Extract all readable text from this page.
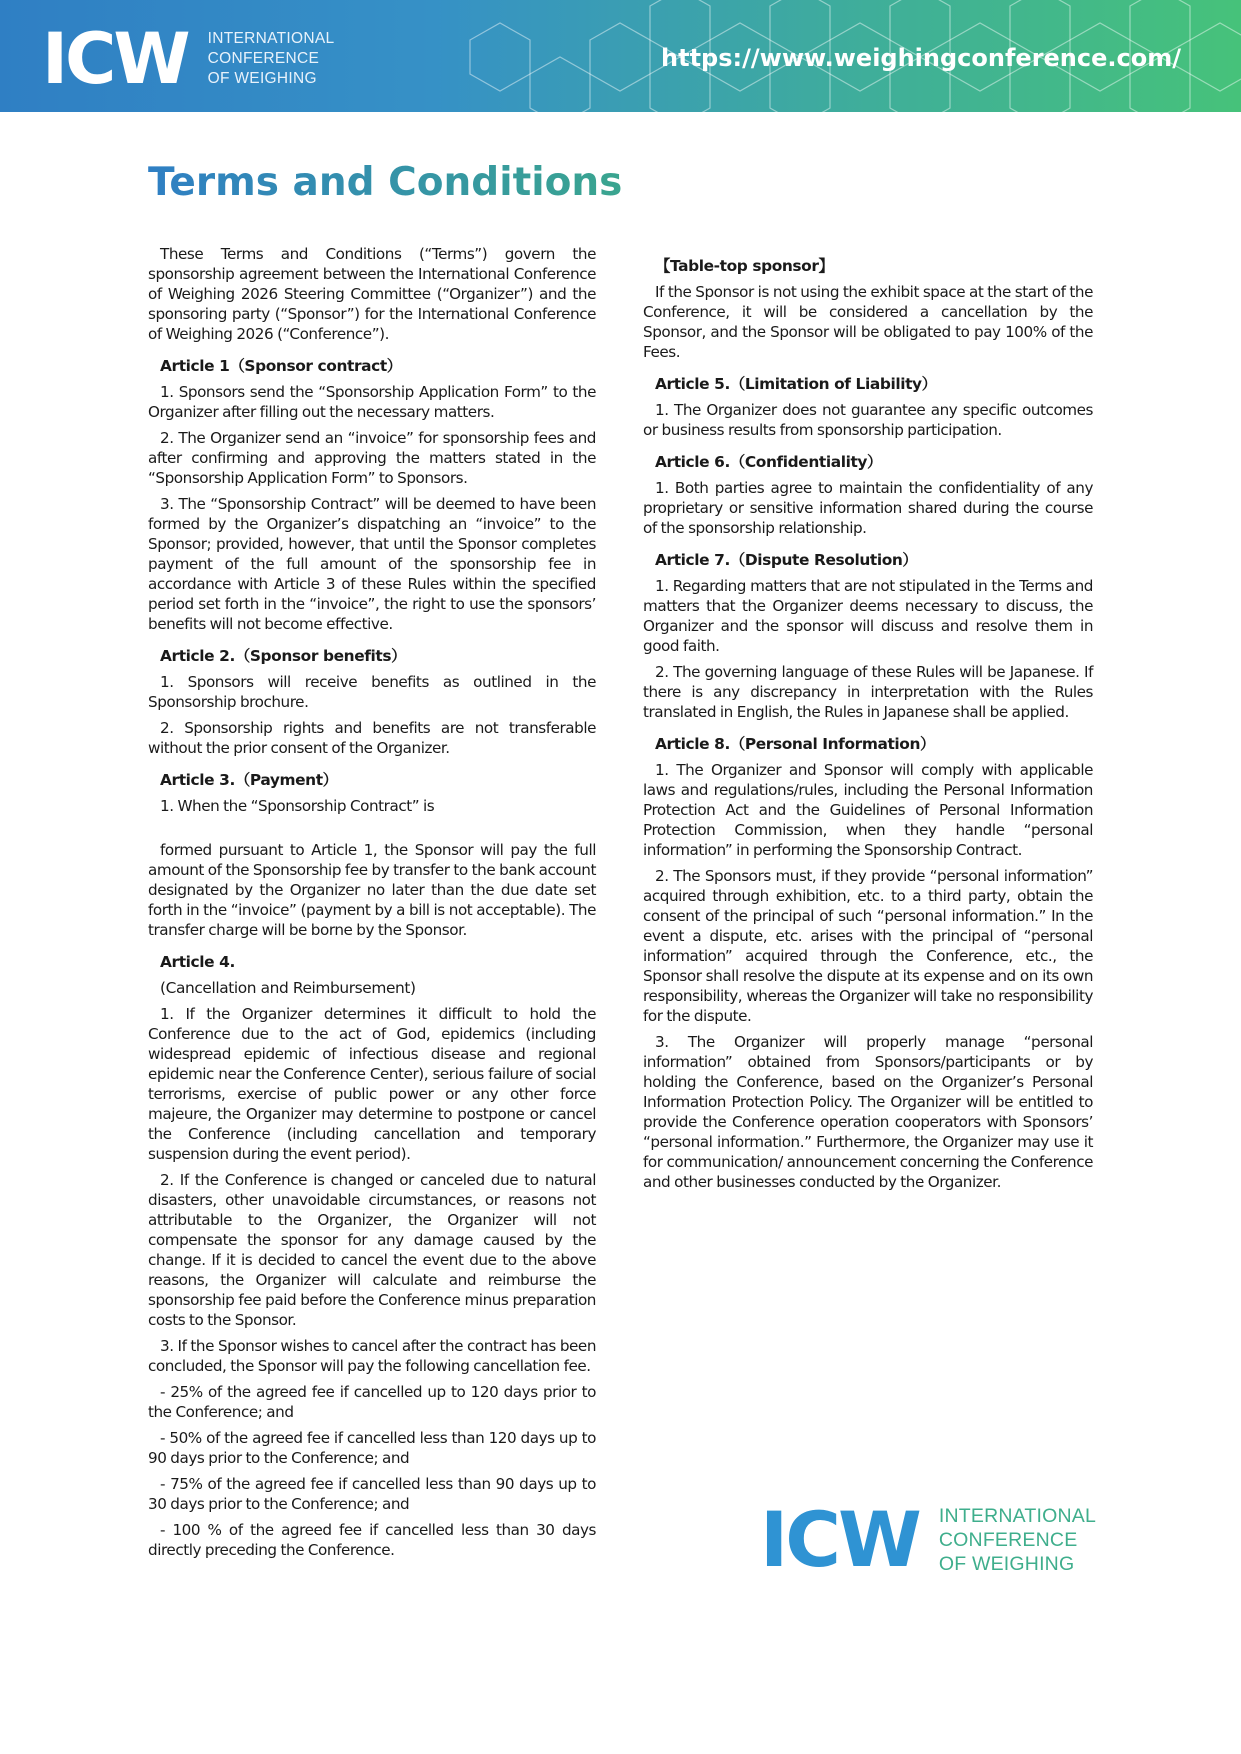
ICW INTERNATIONAL
CONFERENCE
OF WEIGHING
https://www.weighingconference.com/
Terms and Conditions

These Terms and Conditions (“Terms”) govern the sponsorship agreement between the International Conference of Weighing 2026 Steering Committee (“Organizer”) and the sponsoring party (“Sponsor”) for the International Conference of Weighing 2026 (“Conference”).

Article 1（Sponsor contract）

1. Sponsors send the “Sponsorship Application Form” to the Organizer after filling out the necessary matters.

2. The Organizer send an “invoice” for sponsorship fees and after confirming and approving the matters stated in the “Sponsorship Application Form” to Sponsors.

3. The “Sponsorship Contract” will be deemed to have been formed by the Organizer’s dispatching an “invoice” to the Sponsor; provided, however, that until the Sponsor completes payment of the full amount of the sponsorship fee in accordance with Article 3 of these Rules within the specified period set forth in the “invoice”, the right to use the sponsors’ benefits will not become effective.

Article 2.（Sponsor benefits）

1. Sponsors will receive benefits as outlined in the Sponsorship brochure.

2. Sponsorship rights and benefits are not transferable without the prior consent of the Organizer.

Article 3.（Payment）

1. When the “Sponsorship Contract” is

formed pursuant to Article 1, the Sponsor will pay the full amount of the Sponsorship fee by transfer to the bank account designated by the Organizer no later than the due date set forth in the “invoice” (payment by a bill is not acceptable). The transfer charge will be borne by the Sponsor.

Article 4.
(Cancellation and Reimbursement)

1. If the Organizer determines it difficult to hold the Conference due to the act of God, epidemics (including widespread epidemic of infectious disease and regional epidemic near the Conference Center), serious failure of social terrorisms, exercise of public power or any other force majeure, the Organizer may determine to postpone or cancel the Conference (including cancellation and temporary suspension during the event period).

2. If the Conference is changed or canceled due to natural disasters, other unavoidable circumstances, or reasons not attributable to the Organizer, the Organizer will not compensate the sponsor for any damage caused by the change. If it is decided to cancel the event due to the above reasons, the Organizer will calculate and reimburse the sponsorship fee paid before the Conference minus preparation costs to the Sponsor.

3. If the Sponsor wishes to cancel after the contract has been concluded, the Sponsor will pay the following cancellation fee.

- 25% of the agreed fee if cancelled up to 120 days prior to the Conference; and

- 50% of the agreed fee if cancelled less than 120 days up to 90 days prior to the Conference; and

- 75% of the agreed fee if cancelled less than 90 days up to 30 days prior to the Conference; and

- 100 % of the agreed fee if cancelled less than 30 days directly preceding the Conference.

【Table-top sponsor】

If the Sponsor is not using the exhibit space at the start of the Conference, it will be considered a cancellation by the Sponsor, and the Sponsor will be obligated to pay 100% of the Fees.

Article 5.（Limitation of Liability）

1. The Organizer does not guarantee any specific outcomes or business results from sponsorship participation.

Article 6.（Confidentiality）

1. Both parties agree to maintain the confidentiality of any proprietary or sensitive information shared during the course of the sponsorship relationship.

Article 7.（Dispute Resolution）

1. Regarding matters that are not stipulated in the Terms and matters that the Organizer deems necessary to discuss, the Organizer and the sponsor will discuss and resolve them in good faith.

2. The governing language of these Rules will be Japanese. If there is any discrepancy in interpretation with the Rules translated in English, the Rules in Japanese shall be applied.

Article 8.（Personal Information）

1. The Organizer and Sponsor will comply with applicable laws and regulations/rules, including the Personal Information Protection Act and the Guidelines of Personal Information Protection Commission, when they handle “personal information” in performing the Sponsorship Contract.

2. The Sponsors must, if they provide “personal information” acquired through exhibition, etc. to a third party, obtain the consent of the principal of such “personal information.” In the event a dispute, etc. arises with the principal of “personal information” acquired through the Conference, etc., the Sponsor shall resolve the dispute at its expense and on its own responsibility, whereas the Organizer will take no responsibility for the dispute.

3. The Organizer will properly manage “personal information” obtained from Sponsors/participants or by holding the Conference, based on the Organizer’s Personal Information Protection Policy. The Organizer will be entitled to provide the Conference operation cooperators with Sponsors’ “personal information.” Furthermore, the Organizer may use it for communication/ announcement concerning the Conference and other businesses conducted by the Organizer.

ICW INTERNATIONAL
CONFERENCE
OF WEIGHING
